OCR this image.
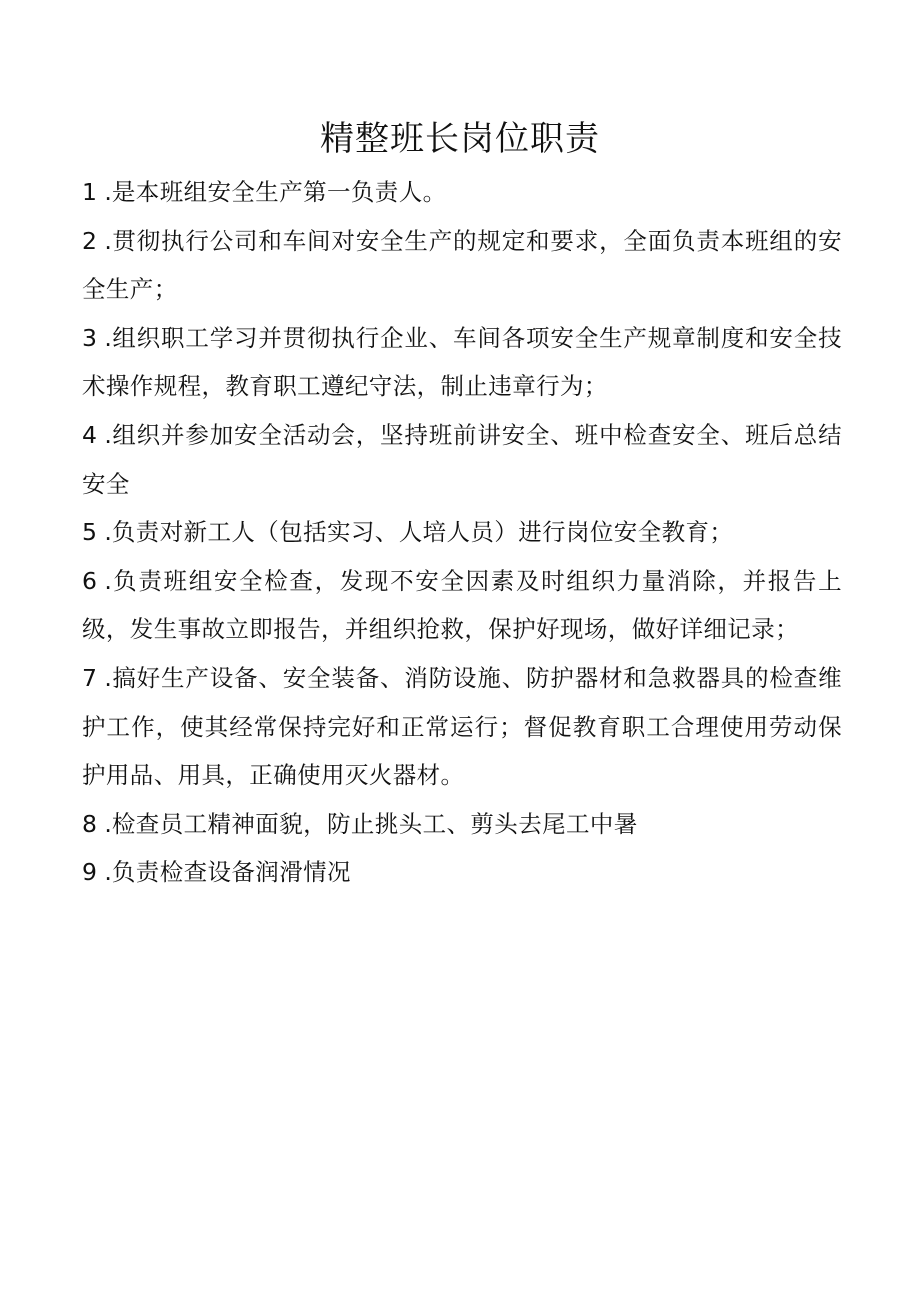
精整班长岗位职责
1 .是本班组安全生产第一负责人。
2 .贯彻执行公司和车间对安全生产的规定和要求，全面负责本班组的安全生产；
3 .组织职工学习并贯彻执行企业、车间各项安全生产规章制度和安全技术操作规程，教育职工遵纪守法，制止违章行为；
4 .组织并参加安全活动会，坚持班前讲安全、班中检查安全、班后总结安全
5 .负责对新工人（包括实习、人培人员）进行岗位安全教育；
6 .负责班组安全检查，发现不安全因素及时组织力量消除，并报告上级，发生事故立即报告，并组织抢救，保护好现场，做好详细记录；
7 .搞好生产设备、安全装备、消防设施、防护器材和急救器具的检查维护工作，使其经常保持完好和正常运行；督促教育职工合理使用劳动保护用品、用具，正确使用灭火器材。
8 .检查员工精神面貌，防止挑头工、剪头去尾工中暑
9 .负责检查设备润滑情况
